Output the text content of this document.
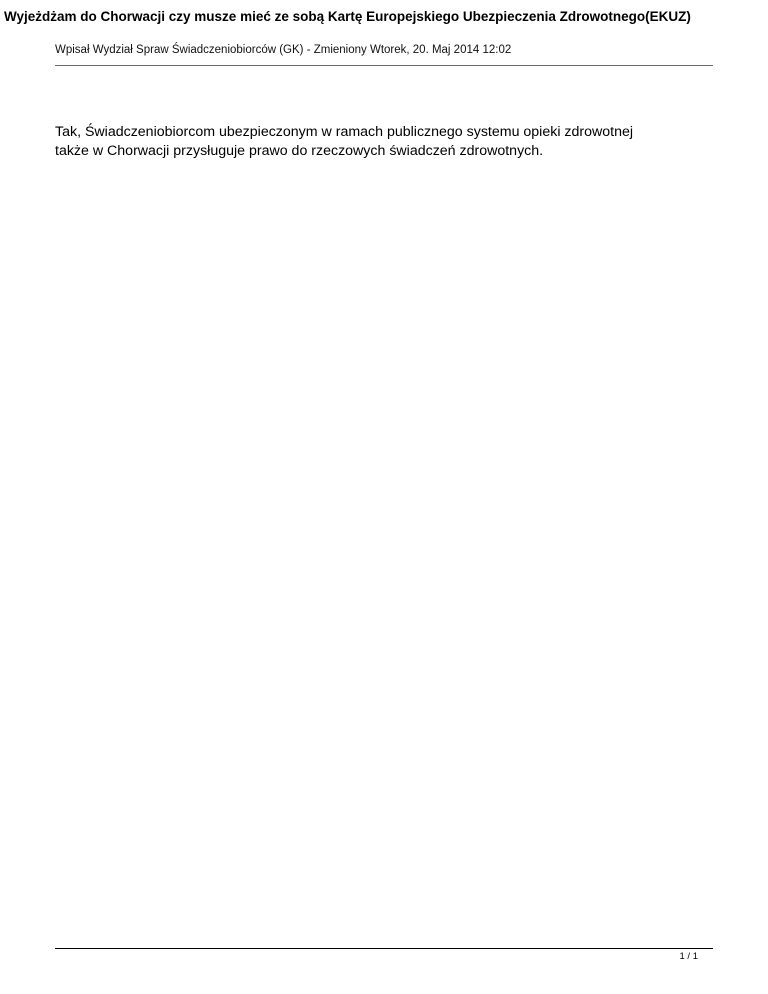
Wyjeżdżam do Chorwacji czy musze mieć ze sobą Kartę Europejskiego Ubezpieczenia Zdrowotnego(EKUZ)
Wpisał Wydział Spraw Świadczeniobiorców (GK) - Zmieniony Wtorek, 20. Maj 2014 12:02

Tak, Świadczeniobiorcom ubezpieczonym w ramach publicznego systemu opieki zdrowotnej

także w Chorwacji przysługuje prawo do rzeczowych świadczeń zdrowotnych.

1 / 1
